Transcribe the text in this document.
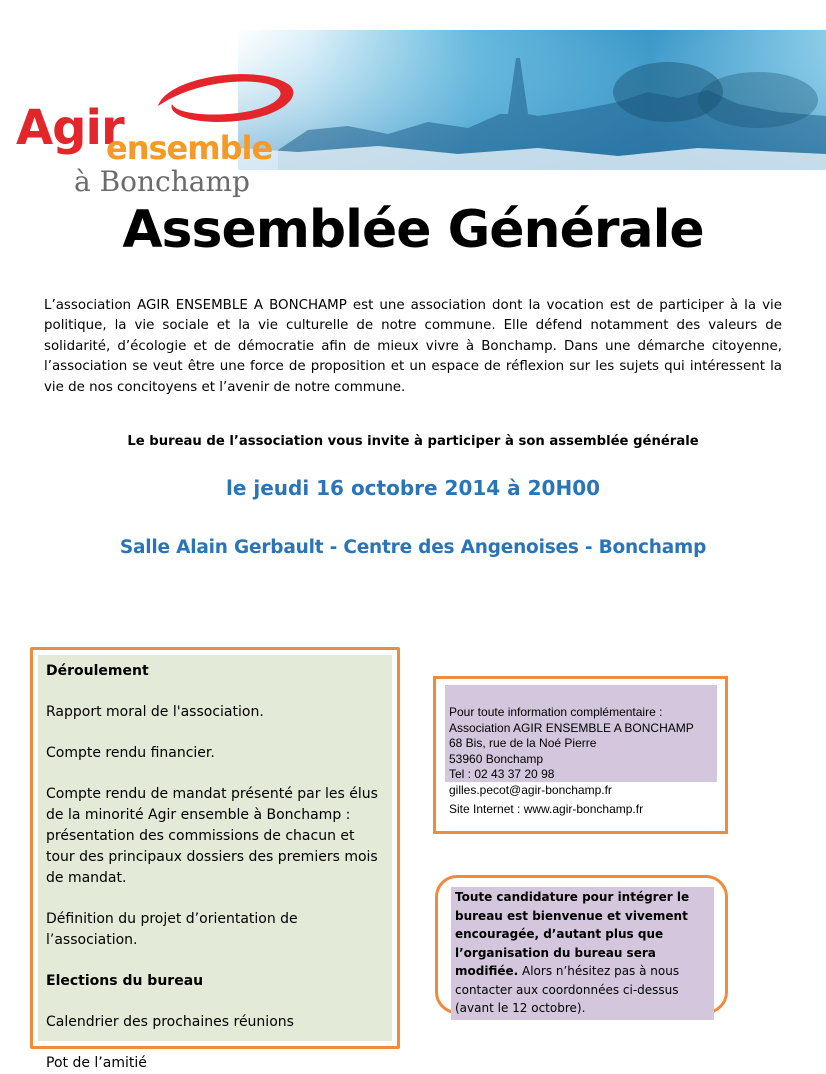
Agir
ensemble
à Bonchamp
Assemblée Générale
L’association AGIR ENSEMBLE A BONCHAMP est une association dont la vocation est de participer à la vie politique, la vie sociale et la vie culturelle de notre commune. Elle défend notamment des valeurs de solidarité, d’écologie et de démocratie afin de mieux vivre à Bonchamp. Dans une démarche citoyenne, l’association se veut être une force de proposition et un espace de réflexion sur les sujets qui intéressent la vie de nos concitoyens et l’avenir de notre commune.
Le bureau de l’association vous invite à participer à son assemblée générale
le jeudi 16 octobre 2014 à 20H00
Salle Alain Gerbault - Centre des Angenoises - Bonchamp

Déroulement

Rapport moral de l'association.

Compte rendu financier.

Compte rendu de mandat présenté par les élus de la minorité Agir ensemble à Bonchamp : présentation des commissions de chacun et tour des principaux dossiers des premiers mois de mandat.

Définition du projet d’orientation de l’association.

Elections du bureau

Calendrier des prochaines réunions

Pot de l’amitié

Pour toute information complémentaire :
Association AGIR ENSEMBLE A BONCHAMP
68 Bis, rue de la Noé Pierre
53960 Bonchamp
Tel : 02 43 37 20 98
gilles.pecot@agir-bonchamp.fr
Site Internet : www.agir-bonchamp.fr
Toute candidature pour intégrer le bureau est bienvenue et vivement encouragée, d’autant plus que l’organisation du bureau sera modifiée. Alors n’hésitez pas à nous contacter aux coordonnées ci-dessus (avant le 12 octobre).
